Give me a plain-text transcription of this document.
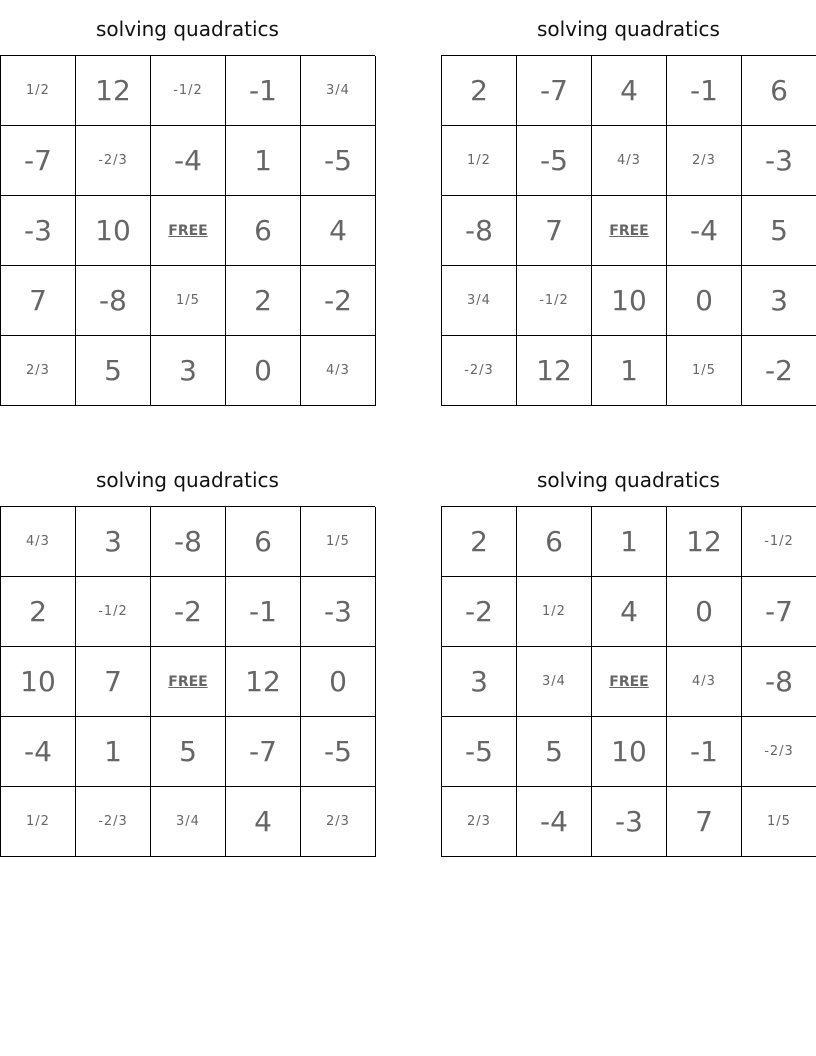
solving quadratics
1/2	12	-1/2	-1	3/4
-7	-2/3	-4	1	-5
-3	10	FREE	6	4
7	-8	1/5	2	-2
2/3	5	3	0	4/3
solving quadratics
2	-7	4	-1	6
1/2	-5	4/3	2/3	-3
-8	7	FREE	-4	5
3/4	-1/2	10	0	3
-2/3	12	1	1/5	-2
solving quadratics
4/3	3	-8	6	1/5
2	-1/2	-2	-1	-3
10	7	FREE	12	0
-4	1	5	-7	-5
1/2	-2/3	3/4	4	2/3
solving quadratics
2	6	1	12	-1/2
-2	1/2	4	0	-7
3	3/4	FREE	4/3	-8
-5	5	10	-1	-2/3
2/3	-4	-3	7	1/5
